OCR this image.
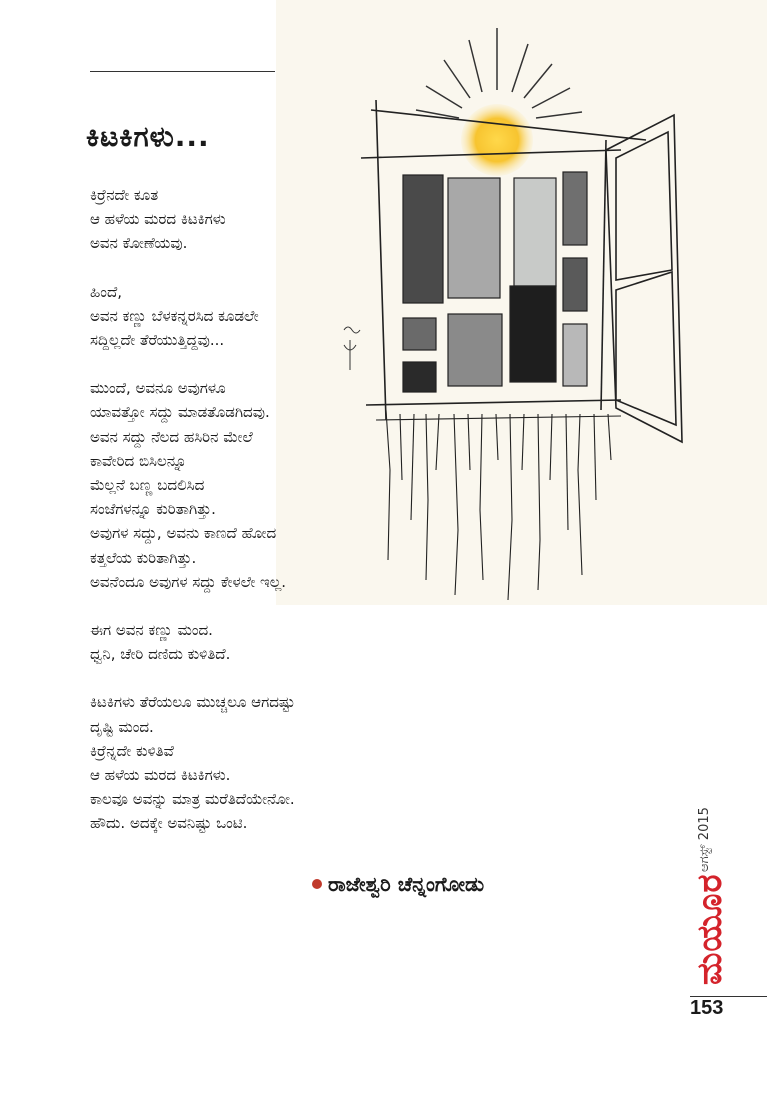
ಕಿಟಕಿಗಳು...
ಕಿರ್ರೆನದೇ ಕೂತ
ಆ ಹಳೆಯ ಮರದ ಕಿಟಕಿಗಳು
ಅವನ ಕೋಣೆಯವು.
ಹಿಂದೆ,
ಅವನ ಕಣ್ಣು ಬೆಳಕನ್ನರಸಿದ ಕೂಡಲೇ
ಸದ್ದಿಲ್ಲದೇ ತೆರೆಯುತ್ತಿದ್ದವು...
ಮುಂದೆ, ಅವನೂ ಅವುಗಳೂ
ಯಾವತ್ತೋ ಸದ್ದು ಮಾಡತೊಡಗಿದವು.
ಅವನ ಸದ್ದು ನೆಲದ ಹಸಿರಿನ ಮೇಲೆ
ಕಾವೇರಿದ ಬಿಸಿಲನ್ನೂ
ಮೆಲ್ಲನೆ ಬಣ್ಣ ಬದಲಿಸಿದ
ಸಂಜೆಗಳನ್ನೂ ಕುರಿತಾಗಿತ್ತು.
ಅವುಗಳ ಸದ್ದು, ಅವನು ಕಾಣದೆ ಹೋದ
ಕತ್ತಲೆಯ ಕುರಿತಾಗಿತ್ತು.
ಅವನೆಂದೂ ಅವುಗಳ ಸದ್ದು ಕೇಳಲೇ ಇಲ್ಲ.
ಈಗ ಅವನ ಕಣ್ಣು ಮಂದ.
ಧ್ವನಿ, ಚೇರಿ ದಣಿದು ಕುಳಿತಿದೆ.
ಕಿಟಕಿಗಳು ತೆರೆಯಲೂ ಮುಚ್ಚಲೂ ಆಗದಷ್ಟು
ದೃಷ್ಟಿ ಮಂದ.
ಕಿರ್ರೆನ್ನದೇ ಕುಳಿತಿವೆ
ಆ ಹಳೆಯ ಮರದ ಕಿಟಕಿಗಳು.
ಕಾಲವೂ ಅವನ್ನು ಮಾತ್ರ ಮರೆತಿದೆಯೇನೋ.
ಹೌದು. ಅದಕ್ಕೇ ಅವನಿಷ್ಟು ಒಂಟಿ.
ರಾಜೇಶ್ವರಿ ಚೆನ್ನಂಗೋಡು
ಆಗಸ್ಟ್ 2015
ಮಯೂರ
153
